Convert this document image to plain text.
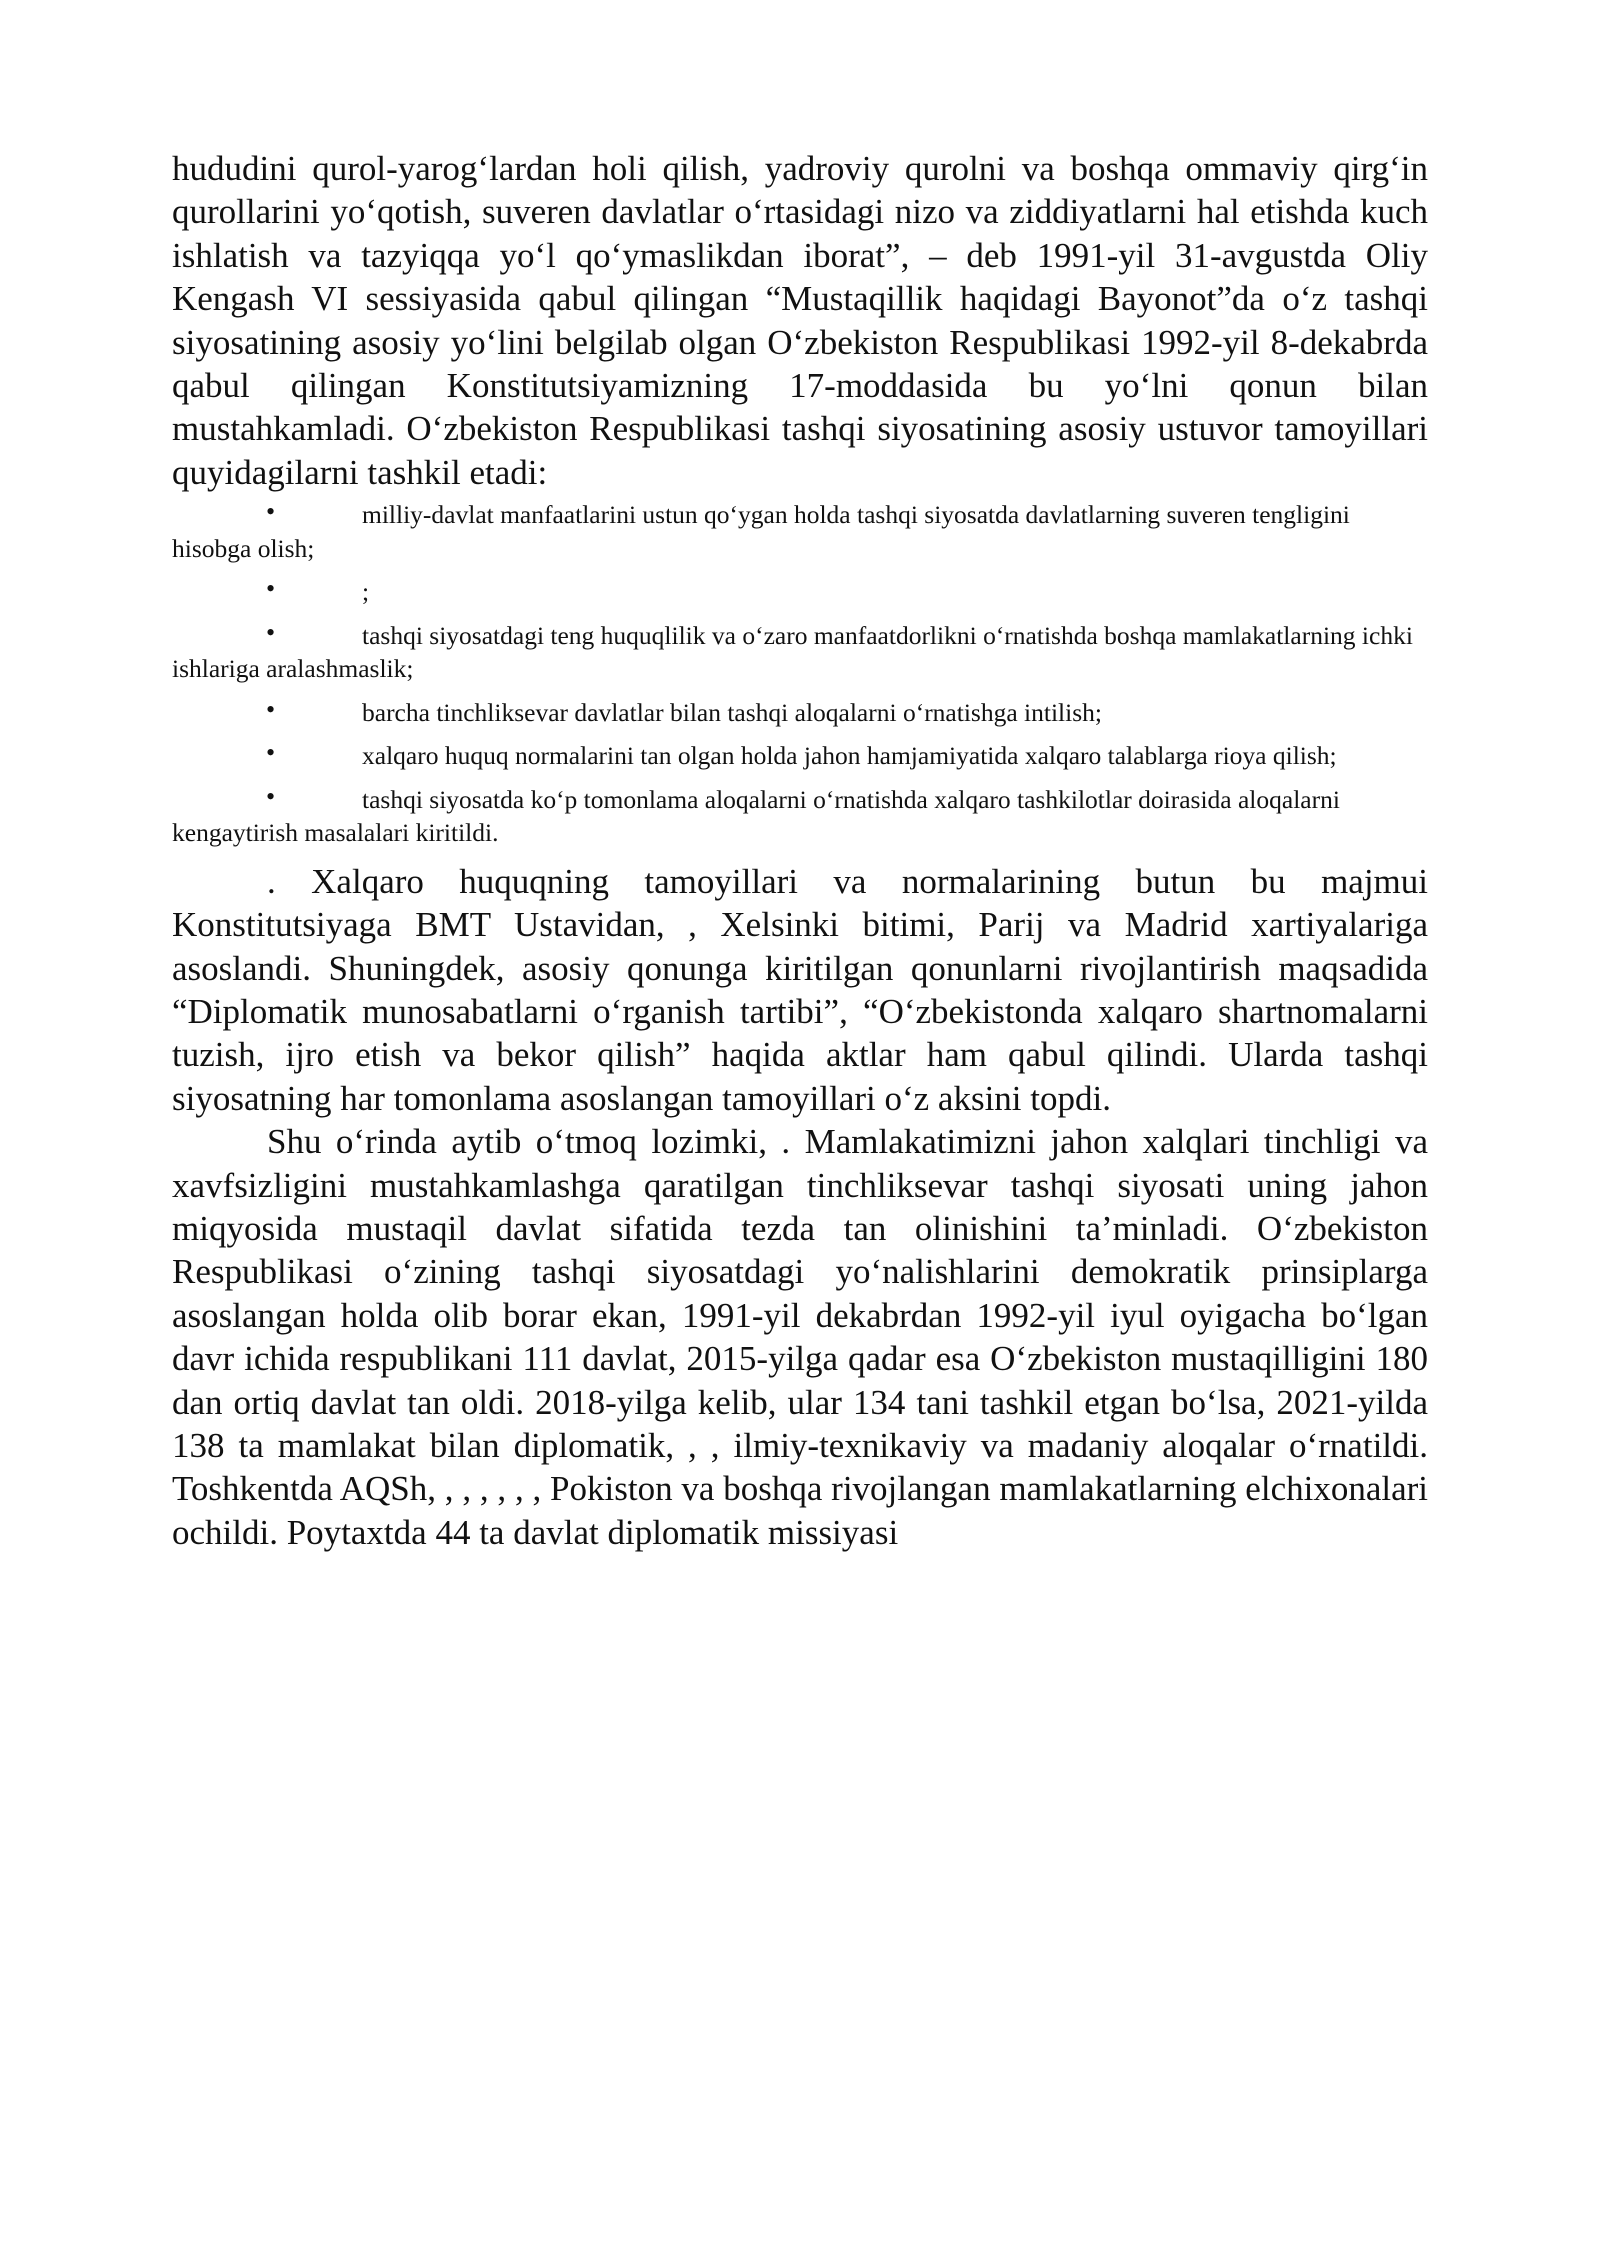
hududini qurol-yarog‘lardan holi qilish, yadroviy qurolni va boshqa ommaviy qirg‘in qurollarini yo‘qotish, suveren davlatlar o‘rtasidagi nizo va ziddiyatlarni hal etishda kuch ishlatish va tazyiqqa yo‘l qo‘ymaslikdan iborat”, – deb 1991-yil 31-avgustda Oliy Kengash VI sessiyasida qabul qilingan “Mustaqillik haqidagi Bayonot”da o‘z tashqi siyosatining asosiy yo‘lini belgilab olgan O‘zbekiston Respublikasi 1992-yil 8-dekabrda qabul qilingan Konstitutsiyamizning 17-moddasida bu yo‘lni qonun bilan mustahkamladi. O‘zbekiston Respublikasi tashqi siyosatining asosiy ustuvor tamoyillari quyidagilarni tashkil etadi:

•	milliy-davlat manfaatlarini ustun qo‘ygan holda tashqi siyosatda davlatlarning suveren tengligini hisobga olish;
•	;
•	tashqi siyosatdagi teng huquqlilik va o‘zaro manfaatdorlikni o‘rnatishda boshqa mamlakatlarning ichki ishlariga aralashmaslik;
•	barcha tinchliksevar davlatlar bilan tashqi aloqalarni o‘rnatishga intilish;
•	xalqaro huquq normalarini tan olgan holda jahon hamjamiyatida xalqaro talablarga rioya qilish;
•	tashqi siyosatda ko‘p tomonlama aloqalarni o‘rnatishda xalqaro tashkilotlar doirasida aloqalarni kengaytirish masalalari kiritildi.

. Xalqaro huquqning tamoyillari va normalarining butun bu majmui Konstitutsiyaga BMT Ustavidan, , Xelsinki bitimi, Parij va Madrid xartiyalariga asoslandi. Shuningdek, asosiy qonunga kiritilgan qonunlarni rivojlantirish maqsadida “Diplomatik munosabatlarni o‘rganish tartibi”, “O‘zbekistonda xalqaro shartnomalarni tuzish, ijro etish va bekor qilish” haqida aktlar ham qabul qilindi. Ularda tashqi siyosatning har tomonlama asoslangan tamoyillari o‘z aksini topdi.

Shu o‘rinda aytib o‘tmoq lozimki, . Mamlakatimizni jahon xalqlari tinchligi va xavfsizligini mustahkamlashga qaratilgan tinchliksevar tashqi siyosati uning jahon miqyosida mustaqil davlat sifatida tezda tan olinishini ta’minladi. O‘zbekiston Respublikasi o‘zining tashqi siyosatdagi yo‘nalishlarini demokratik prinsiplarga asoslangan holda olib borar ekan, 1991-yil dekabrdan 1992-yil iyul oyigacha bo‘lgan davr ichida respublikani 111 davlat, 2015-yilga qadar esa O‘zbekiston mustaqilligini 180 dan ortiq davlat tan oldi. 2018-yilga kelib, ular 134 tani tashkil etgan bo‘lsa, 2021-yilda 138 ta mamlakat bilan diplomatik, , , ilmiy-texnikaviy va madaniy aloqalar o‘rnatildi. Toshkentda AQSh, , , , , , , Pokiston va boshqa rivojlangan mamlakatlarning elchixonalari ochildi. Poytaxtda 44 ta davlat diplomatik missiyasi
